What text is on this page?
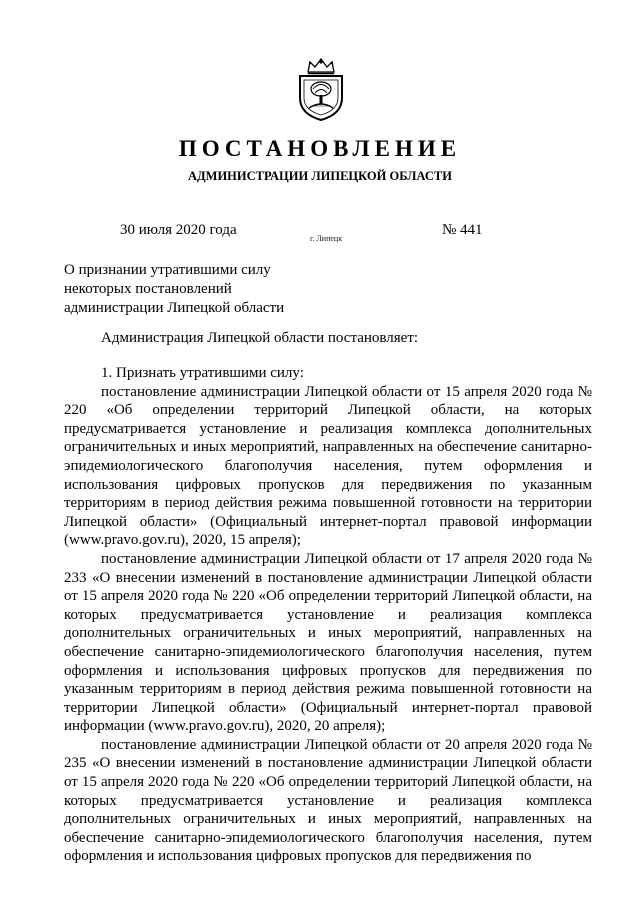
ПОСТАНОВЛЕНИЕ
АДМИНИСТРАЦИИ ЛИПЕЦКОЙ ОБЛАСТИ
30 июля 2020 года
г. Липецк
№ 441
О признании утратившими силу
некоторых постановлений
администрации Липецкой области
Администрация Липецкой области постановляет:

1. Признать утратившими силу:

постановление администрации Липецкой области от 15 апреля 2020 года № 220 «Об определении территорий Липецкой области, на которых предусматривается установление и реализация комплекса дополнительных ограничительных и иных мероприятий, направленных на обеспечение санитарно-эпидемиологического благополучия населения, путем оформления и использования цифровых пропусков для передвижения по указанным территориям в период действия режима повышенной готовности на территории Липецкой области» (Официальный интернет-портал правовой информации (www.pravo.gov.ru), 2020, 15 апреля);

постановление администрации Липецкой области от 17 апреля 2020 года № 233 «О внесении изменений в постановление администрации Липецкой области от 15 апреля 2020 года № 220 «Об определении территорий Липецкой области, на которых предусматривается установление и реализация комплекса дополнительных ограничительных и иных мероприятий, направленных на обеспечение санитарно-эпидемиологического благополучия населения, путем оформления и использования цифровых пропусков для передвижения по указанным территориям в период действия режима повышенной готовности на территории Липецкой области» (Официальный интернет-портал правовой информации (www.pravo.gov.ru), 2020, 20 апреля);

постановление администрации Липецкой области от 20 апреля 2020 года № 235 «О внесении изменений в постановление администрации Липецкой области от 15 апреля 2020 года № 220 «Об определении территорий Липецкой области, на которых предусматривается установление и реализация комплекса дополнительных ограничительных и иных мероприятий, направленных на обеспечение санитарно-эпидемиологического благополучия населения, путем оформления и использования цифровых пропусков для передвижения по
